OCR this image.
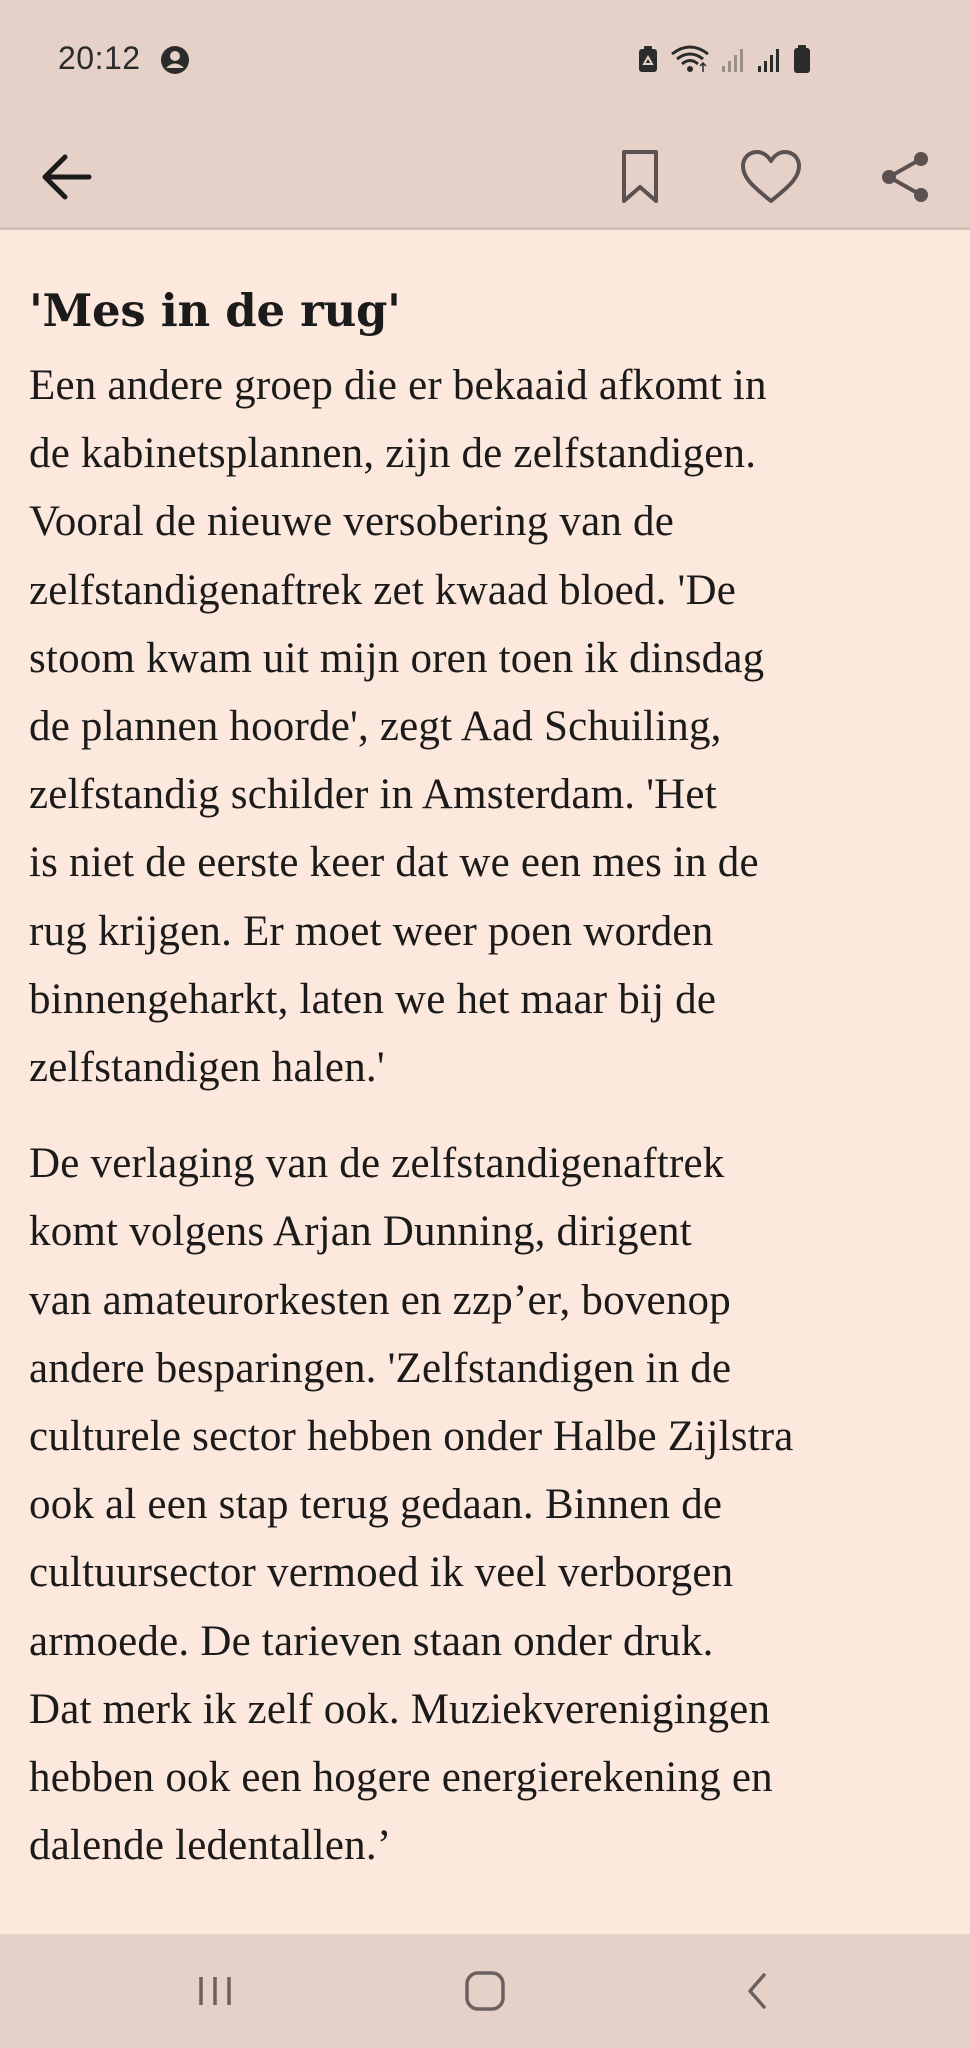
20:12
'Mes in de rug'

Een andere groep die er bekaaid afkomt in
de kabinetsplannen, zijn de zelfstandigen.
Vooral de nieuwe versobering van de
zelfstandigenaftrek zet kwaad bloed. 'De
stoom kwam uit mijn oren toen ik dinsdag
de plannen hoorde', zegt Aad Schuiling,
zelfstandig schilder in Amsterdam. 'Het
is niet de eerste keer dat we een mes in de
rug krijgen. Er moet weer poen worden
binnengeharkt, laten we het maar bij de
zelfstandigen halen.'

De verlaging van de zelfstandigenaftrek
komt volgens Arjan Dunning, dirigent
van amateurorkesten en zzp’er, bovenop
andere besparingen. 'Zelfstandigen in de
culturele sector hebben onder Halbe Zijlstra
ook al een stap terug gedaan. Binnen de
cultuursector vermoed ik veel verborgen
armoede. De tarieven staan onder druk.
Dat merk ik zelf ook. Muziekverenigingen
hebben ook een hogere energierekening en
dalende ledentallen.’
